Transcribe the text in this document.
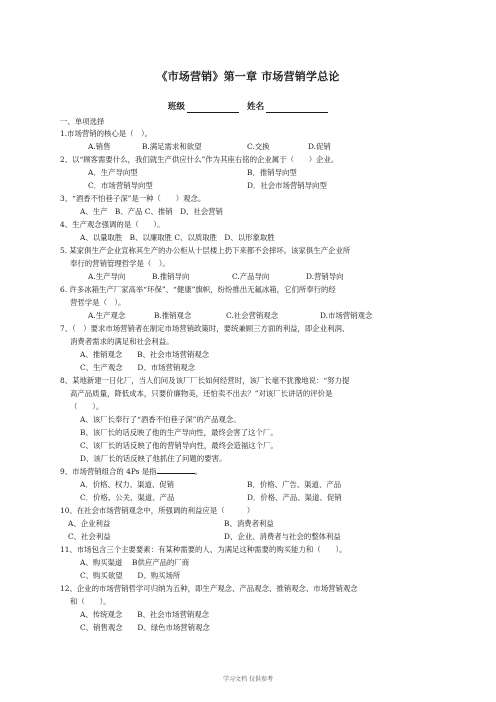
《市场营销》第一章 市场营销学总论
班级	姓名
一、单项选择
1.市场营销的核心是（　）。
A.销售	B.满足需求和欲望	C.交换	D.促销
2、以“顾客需要什么，我们就生产供应什么”作为其座右铭的企业属于（　　）企业。
A．生产导向型	B．推销导向型
C．市场营销导向型	D．社会市场营销导向型
3、“酒香不怕巷子深”是一种（　　）观念。
A、生产　B、产品 C、推销　D、社会营销
4、生产观念强调的是（　　）。
A、以量取胜　B、以廉取胜 C、以质取胜　D、以形象取胜
5. 某家俱生产企业宣称其生产的办公柜从十层楼上扔下来都不会摔坏。该家俱生产企业所
奉行的营销管理哲学是（　）。
A.生产导向	B.推销导向	C.产品导向	D.营销导向
6. 许多冰箱生产厂家高举“环保”、“健康”旗帜，纷纷推出无氟冰箱，它们所奉行的经
营哲学是（　）。
A.生产观念	B.推销观念	C.社会营销观念	D.市场营销观念
7、（　）要求市场营销者在制定市场营销政策时，要统兼顾三方面的利益，即企业利润、
消费者需求的满足和社会利益。
A、推销观念　　B、社会市场营销观念
C、生产观念　　D、市场营销观念
8、某地新建一日化厂，当人们问及该厂厂长如何经营时，该厂长毫不犹豫地说：“努力提
高产品质量，降低成本，只要价廉物美，还怕卖不出去？”对该厂长讲话的评价是
（　　）。
A、该厂长奉行了“酒香不怕巷子深”的产品观念。
B、该厂长的话反映了他的生产导向性，最终会害了这个厂。
C、该厂长的话反映了他的营销导向性，最终会造福这个厂。
D、该厂长的话反映了他抓住了问题的要害。
9、市场营销组合的 4Ps 是指	。
A．价格、权力、渠道、促销	B．价格、广告、渠道、产品
C．价格、公关、渠道、产品	D．价格、产品、渠道、促销
10、在社会市场营销观念中，所强调的利益应是（　　　）
A、企业利益	B、消费者利益
C、社会利益	D、企业、消费者与社会的整体利益
11、市场包含三个主要要素：有某种需要的人、为满足这种需要的购买能力和（　　）。
A、购买渠道　 B供应产品的厂商
C、购买欲望　　D、购买场所
12、企业的市场营销哲学可归纳为五种，即生产观念、产品观念、推销观念、市场营销观念
和（　　）。
A、传统观念　　B、社会市场营销观念
C、销售观念　　D、绿色市场营销观念
学习文档 仅供参考
